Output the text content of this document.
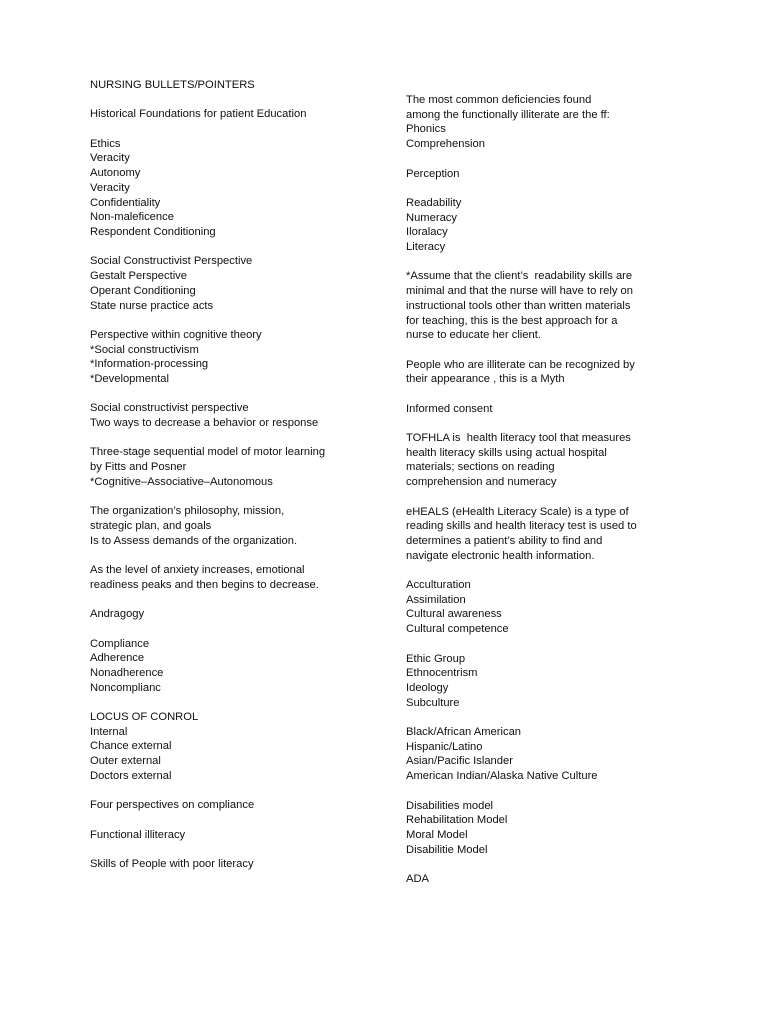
NURSING BULLETS/POINTERS
Historical Foundations for patient Education
Ethics
Veracity
Autonomy
Veracity
Confidentiality
Non-maleficence
Respondent Conditioning
Social Constructivist Perspective
Gestalt Perspective
Operant Conditioning
State nurse practice acts
Perspective within cognitive theory
*Social constructivism
*Information-processing
*Developmental
Social constructivist perspective
Two ways to decrease a behavior or response
Three-stage sequential model of motor learning
by Fitts and Posner
*Cognitive–Associative–Autonomous
The organization’s philosophy, mission,
strategic plan, and goals
Is to Assess demands of the organization.
As the level of anxiety increases, emotional
readiness peaks and then begins to decrease.
Andragogy
Compliance
Adherence
Nonadherence
Noncomplianc
LOCUS OF CONROL
Internal
Chance external
Outer external
Doctors external
Four perspectives on compliance
Functional illiteracy
Skills of People with poor literacy
The most common deficiencies found
among the functionally illiterate are the ff:
Phonics
Comprehension
Perception
Readability
Numeracy
Iloralacy
Literacy
*Assume that the client’s  readability skills are
minimal and that the nurse will have to rely on
instructional tools other than written materials
for teaching, this is the best approach for a
nurse to educate her client.
People who are illiterate can be recognized by
their appearance , this is a Myth
Informed consent
TOFHLA is  health literacy tool that measures
health literacy skills using actual hospital
materials; sections on reading
comprehension and numeracy
eHEALS (eHealth Literacy Scale) is a type of
reading skills and health literacy test is used to
determines a patient’s ability to find and
navigate electronic health information.
Acculturation
Assimilation
Cultural awareness
Cultural competence
Ethic Group
Ethnocentrism
Ideology
Subculture
Black/African American
Hispanic/Latino
Asian/Pacific Islander
American Indian/Alaska Native Culture
Disabilities model
Rehabilitation Model
Moral Model
Disabilitie Model
ADA
